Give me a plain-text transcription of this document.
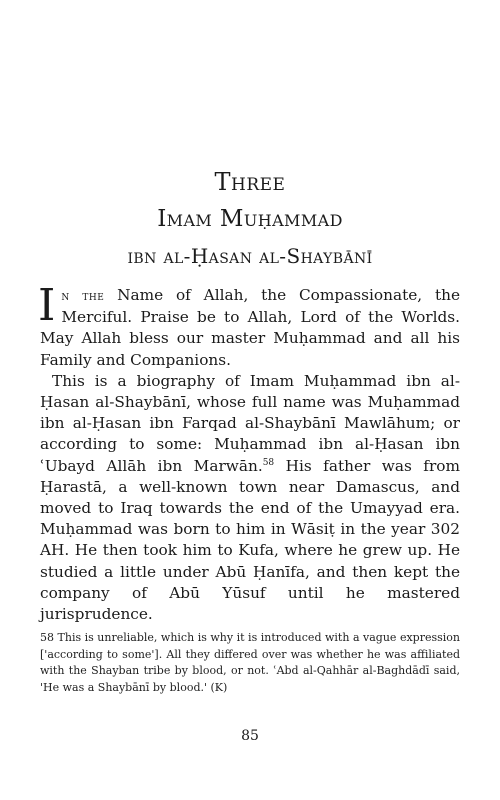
Three
Imam Muḥammad
ibn al-Ḥasan al-Shaybānī

In the Name of Allah, the Compassionate, the Merciful. Praise be to Allah, Lord of the Worlds. May Allah bless our master Muḥammad and all his Family and Companions.

This is a biography of Imam Muḥammad ibn al-Ḥasan al-Shaybānī, whose full name was Muḥammad ibn al-Ḥasan ibn Farqad al-Shaybānī Mawlāhum; or according to some: Muḥammad ibn al-Ḥasan ibn ʿUbayd Allāh ibn Marwān.$^{58}$ His father was from Ḥarastā, a well-known town near Damascus, and moved to Iraq towards the end of the Umayyad era. Muḥammad was born to him in Wāsiṭ in the year 302 AH. He then took him to Kufa, where he grew up. He studied a little under Abū Ḥanīfa, and then kept the company of Abū Yūsuf until he mastered jurisprudence.

58 This is unreliable, which is why it is introduced with a vague expression ['according to some']. All they differed over was whether he was affiliated with the Shayban tribe by blood, or not. ʿAbd al-Qahhār al-Baghdādī said, 'He was a Shaybānī by blood.' (K)
85
